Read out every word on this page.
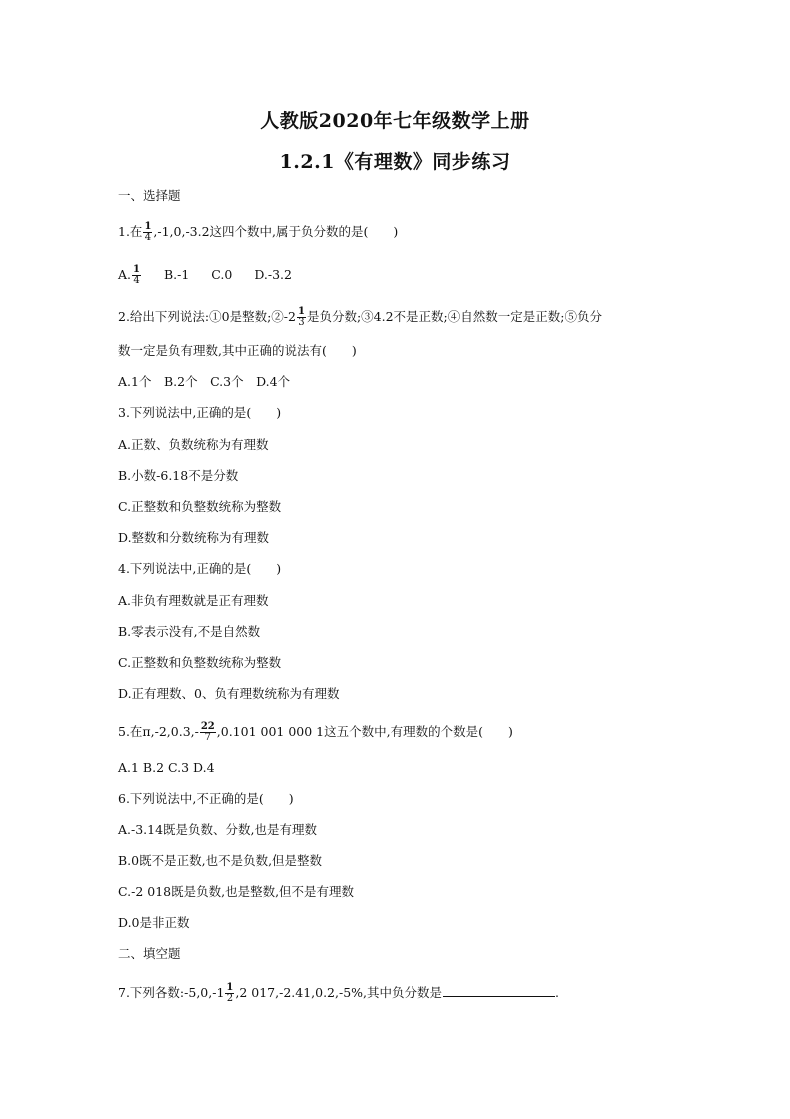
人教版2020年七年级数学上册
1.2.1《有理数》同步练习
一、选择题
1.在 $\frac{1}{4} ,-1,0,-3.2$这四个数中,属于负分数的是(　　)
A. $\frac{1}{4} B.-1$ C.0 D.-3.2
2.给出下列说法:①0是整数;②-2 $\frac{1}{3}$ 是负分数;③4.2不是正数;④自然数一定是正数;⑤负分
数一定是负有理数,其中正确的说法有(　　)
A.1个　B.2个　C.3个　D.4个
3.下列说法中,正确的是(　　)
A.正数、负数统称为有理数
B.小数-6.18不是分数
C.正整数和负整数统称为整数
D.整数和分数统称为有理数
4.下列说法中,正确的是(　　)
A.非负有理数就是正有理数
B.零表示没有,不是自然数
C.正整数和负整数统称为整数
D.正有理数、0、负有理数统称为有理数
5.在$\pi,-2,0.3,- \frac{22}{7} ,0.101$ 001 000 1这五个数中,有理数的个数是(　　)
A.1 B.2 C.3 D.4
6.下列说法中,不正确的是(　　)
A.-3.14既是负数、分数,也是有理数
B.0既不是正数,也不是负数,但是整数
C.-2 018既是负数,也是整数,但不是有理数
D.0是非正数
二、填空题
7.下列各数:-5,0,-1 $\frac{1}{2} ,2$ 017,-2.41,0.2,-5%,其中负分数是	.
